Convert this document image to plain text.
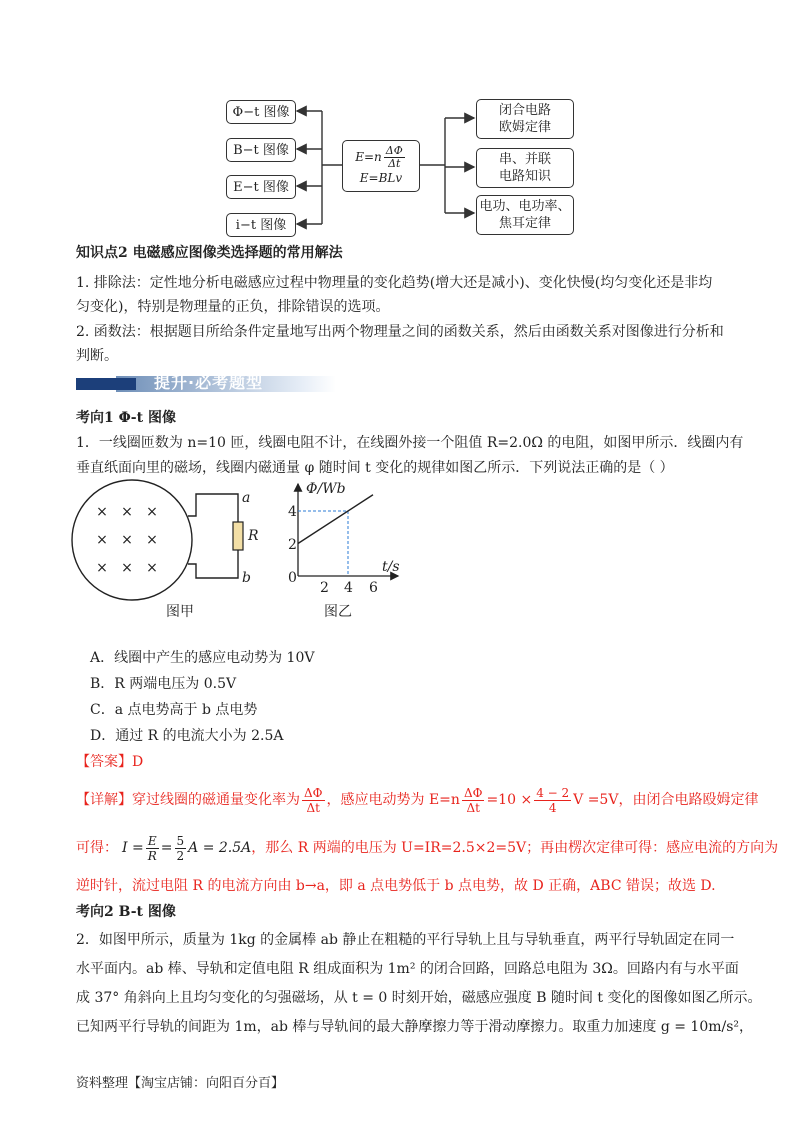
Φ−t 图像
B−t 图像
E−t 图像
i−t 图像
$E=n \frac{\Delta\Phi}{\Delta t}$
E=BLv
闭合电路
欧姆定律
串、并联
电路知识
电功、电功率、
焦耳定律
知识点2 电磁感应图像类选择题的常用解法
1. 排除法：定性地分析电磁感应过程中物理量的变化趋势(增大还是减小)、变化快慢(均匀变化还是非均
匀变化)，特别是物理量的正负，排除错误的选项。
2. 函数法：根据题目所给条件定量地写出两个物理量之间的函数关系，然后由函数关系对图像进行分析和
判断。
提升·必考题型归纳
考向1 Φ-t 图像
1．一线圈匝数为 n=10 匝，线圈电阻不计，在线圈外接一个阻值 R=2.0Ω 的电阻，如图甲所示．线圈内有
垂直纸面向里的磁场，线圈内磁通量 φ 随时间 t 变化的规律如图乙所示．下列说法正确的是（ ）
× × ×
× × ×
× × ×
a
b
R
图甲
Φ/Wb
t/s
0
4
2
2 4 6
图乙
A．线圈中产生的感应电动势为 10V
B．R 两端电压为 0.5V
C．a 点电势高于 b 点电势
D．通过 R 的电流大小为 2.5A
【答案】D
【详解】穿过线圈的磁通量变化率为 $\frac{\Delta\Phi}{\Delta t}$ ，感应电动势为 $E=n \frac{\Delta\Phi}{\Delta t} =10 \times \frac{4 - 2}{4}$ V =5V，由闭合电路殴姆定律
可得： $I = \frac{E}{R} = \frac{5}{2}$ A = 2.5A ，那么 R 两端的电压为 U=IR=2.5×2=5V；再由楞次定律可得：感应电流的方向为
逆时针，流过电阻 R 的电流方向由 b→a，即 a 点电势低于 b 点电势，故 D 正确，ABC 错误；故选 D.
考向2 B-t 图像
2．如图甲所示，质量为 1kg 的金属棒 ab 静止在粗糙的平行导轨上且与导轨垂直，两平行导轨固定在同一
水平面内。ab 棒、导轨和定值电阻 R 组成面积为 1m² 的闭合回路，回路总电阻为 3Ω。回路内有与水平面
成 37° 角斜向上且均匀变化的匀强磁场，从 t = 0 时刻开始，磁感应强度 B 随时间 t 变化的图像如图乙所示。
已知两平行导轨的间距为 1m，ab 棒与导轨间的最大静摩擦力等于滑动摩擦力。取重力加速度 g = 10m/s²，
资料整理【淘宝店铺：向阳百分百】
